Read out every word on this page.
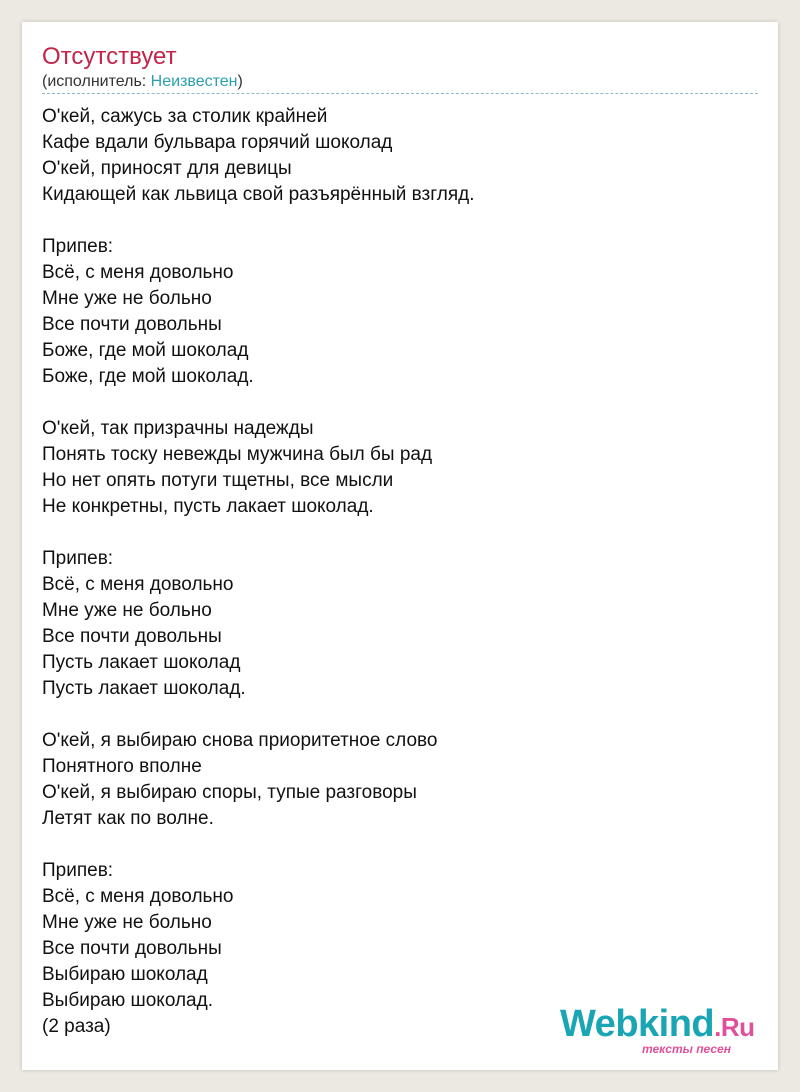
Отсутствует
(исполнитель: Неизвестен)
O'кей, сажусь за столик крайней
Кафе вдали бульвара горячий шоколад
O'кей, приносят для девицы
Кидающей как львица свой разъярённый взгляд.
Припев:
Всё, с меня довольно
Мне уже не больно
Все почти довольны
Боже, где мой шоколад
Боже, где мой шоколад.
O'кей, так призрачны надежды
Понять тоску невежды мужчина был бы рад
Но нет опять потуги тщетны, все мысли
Не конкретны, пусть лакает шоколад.
Припев:
Всё, с меня довольно
Мне уже не больно
Все почти довольны
Пусть лакает шоколад
Пусть лакает шоколад.
O'кей, я выбираю снова приоритетное слово
Понятного вполне
O'кей, я выбираю споры, тупые разговоры
Летят как по волне.
Припев:
Всё, с меня довольно
Мне уже не больно
Все почти довольны
Выбираю шоколад
Выбираю шоколад.
(2 раза)	Webkind.Ru
тексты песен
